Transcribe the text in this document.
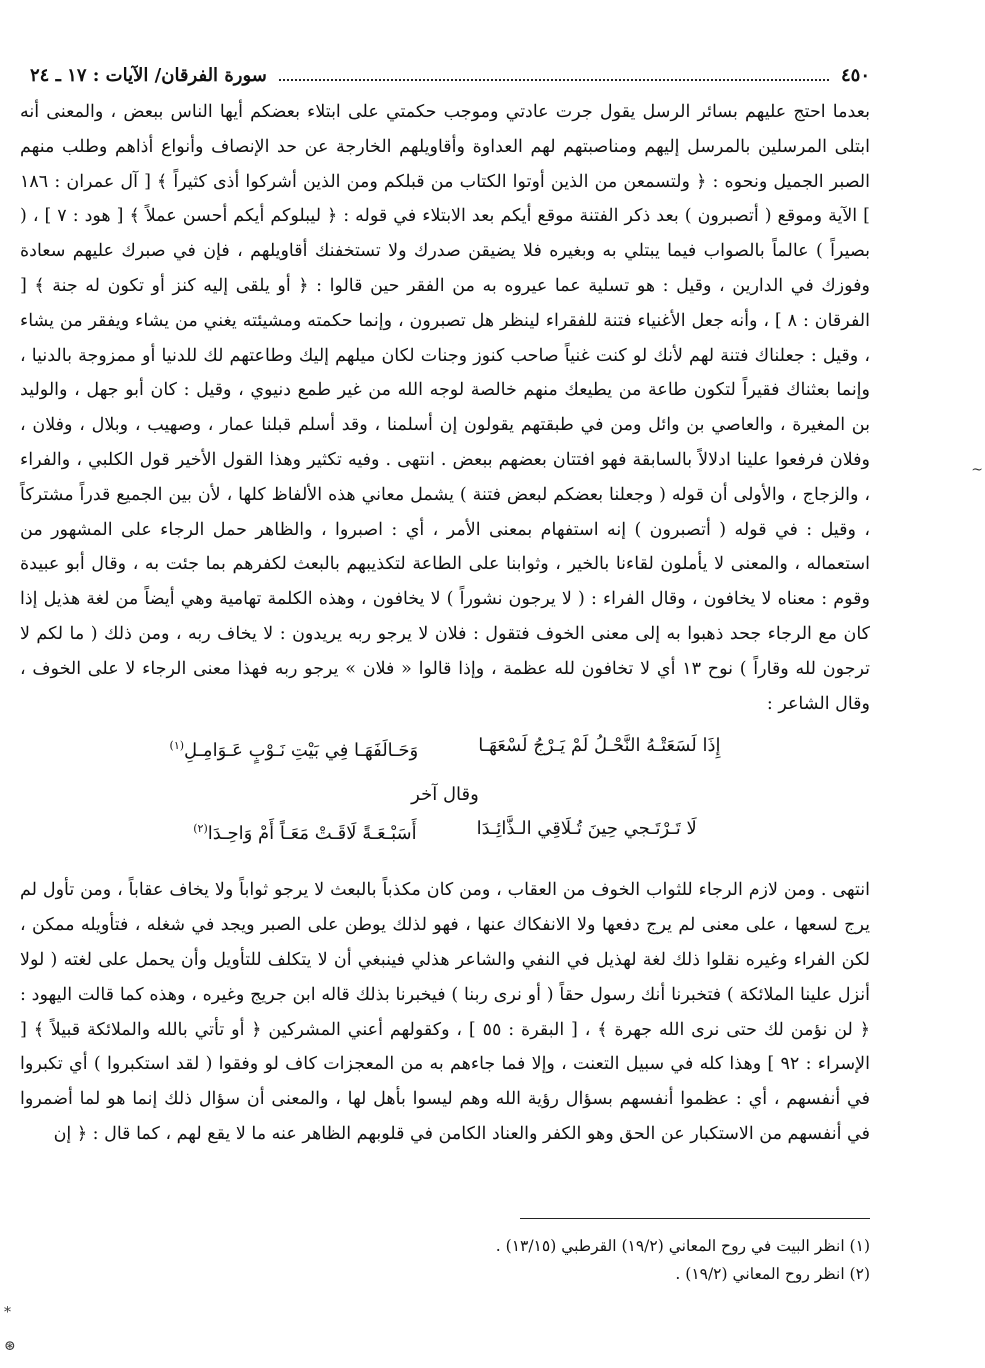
٤٥٠
سورة الفرقان/ الآيات : ١٧ ـ ٢٤

بعدما احتج عليهم بسائر الرسل يقول جرت عادتي وموجب حكمتي على ابتلاء بعضكم أيها الناس ببعض ، والمعنى أنه ابتلى المرسلين بالمرسل إليهم ومناصبتهم لهم العداوة وأقاويلهم الخارجة عن حد الإنصاف وأنواع أذاهم وطلب منهم الصبر الجميل ونحوه : ﴿ ولتسمعن من الذين أوتوا الكتاب من قبلكم ومن الذين أشركوا أذى كثيراً ﴾ [ آل عمران : ١٨٦ ] الآية وموقع ( أتصبرون ) بعد ذكر الفتنة موقع أيكم بعد الابتلاء في قوله : ﴿ ليبلوكم أيكم أحسن عملاً ﴾ [ هود : ٧ ] ، ( بصيراً ) عالماً بالصواب فيما يبتلي به وبغيره فلا يضيقن صدرك ولا تستخفنك أقاويلهم ، فإن في صبرك عليهم سعادة وفوزك في الدارين ، وقيل : هو تسلية عما عيروه به من الفقر حين قالوا : ﴿ أو يلقى إليه كنز أو تكون له جنة ﴾ [ الفرقان : ٨ ] ، وأنه جعل الأغنياء فتنة للفقراء لينظر هل تصبرون ، وإنما حكمته ومشيئته يغني من يشاء ويفقر من يشاء ، وقيل : جعلناك فتنة لهم لأنك لو كنت غنياً صاحب كنوز وجنات لكان ميلهم إليك وطاعتهم لك للدنيا أو ممزوجة بالدنيا ، وإنما بعثناك فقيراً لتكون طاعة من يطيعك منهم خالصة لوجه الله من غير طمع دنيوي ، وقيل : كان أبو جهل ، والوليد بن المغيرة ، والعاصي بن وائل ومن في طبقتهم يقولون إن أسلمنا ، وقد أسلم قبلنا عمار ، وصهيب ، وبلال ، وفلان ، وفلان فرفعوا علينا ادلالاً بالسابقة فهو افتتان بعضهم ببعض . انتهى . وفيه تكثير وهذا القول الأخير قول الكلبي ، والفراء ، والزجاج ، والأولى أن قوله ( وجعلنا بعضكم لبعض فتنة ) يشمل معاني هذه الألفاظ كلها ، لأن بين الجميع قدراً مشتركاً ، وقيل : في قوله ( أتصبرون ) إنه استفهام بمعنى الأمر ، أي : اصبروا ، والظاهر حمل الرجاء على المشهور من استعماله ، والمعنى لا يأملون لقاءنا بالخير ، وثوابنا على الطاعة لتكذيبهم بالبعث لكفرهم بما جئت به ، وقال أبو عبيدة وقوم : معناه لا يخافون ، وقال الفراء : ( لا يرجون نشوراً ) لا يخافون ، وهذه الكلمة تهامية وهي أيضاً من لغة هذيل إذا كان مع الرجاء جحد ذهبوا به إلى معنى الخوف فتقول : فلان لا يرجو ربه يريدون : لا يخاف ربه ، ومن ذلك ( ما لكم لا ترجون لله وقاراً ) نوح ١٣ أي لا تخافون لله عظمة ، وإذا قالوا « فلان » يرجو ربه فهذا معنى الرجاء لا على الخوف ، وقال الشاعر :

إِذَا لَسَعَتْـهُ النَّحْـلُ لَمْ يَـرْجُ لَسْعَهَـا
وَحَـالَفَهَـا فِي بَيْتِ نَـوْبٍ عَـوَامِـلِ$^{(١)}$
وقال آخر
لَا تَـرْتَـجي حِينَ تُـلَاقِي الـذَّائِـدَا
أَسَبْـعَـةً لَاقَـتْ مَعَـاً أَمْ وَاحِـدَا$^{(٢)}$

انتهى . ومن لازم الرجاء للثواب الخوف من العقاب ، ومن كان مكذباً بالبعث لا يرجو ثواباً ولا يخاف عقاباً ، ومن تأول لم يرج لسعها ، على معنى لم يرج دفعها ولا الانفكاك عنها ، فهو لذلك يوطن على الصبر ويجد في شغله ، فتأويله ممكن ، لكن الفراء وغيره نقلوا ذلك لغة لهذيل في النفي والشاعر هذلي فينبغي أن لا يتكلف للتأويل وأن يحمل على لغته ( لولا أنزل علينا الملائكة ) فتخبرنا أنك رسول حقاً ( أو نرى ربنا ) فيخبرنا بذلك قاله ابن جريج وغيره ، وهذه كما قالت اليهود : ﴿ لن نؤمن لك حتى نرى الله جهرة ﴾ ، [ البقرة : ٥٥ ] ، وكقولهم أعني المشركين ﴿ أو تأتي بالله والملائكة قبيلاً ﴾ [ الإسراء : ٩٢ ] وهذا كله في سبيل التعنت ، وإلا فما جاءهم به من المعجزات كاف لو وفقوا ( لقد استكبروا ) أي تكبروا في أنفسهم ، أي : عظموا أنفسهم بسؤال رؤية الله وهم ليسوا بأهل لها ، والمعنى أن سؤال ذلك إنما هو لما أضمروا في أنفسهم من الاستكبار عن الحق وهو الكفر والعناد الكامن في قلوبهم الظاهر عنه ما لا يقع لهم ، كما قال : ﴿ إن

(١) انظر البيت في روح المعاني (١٩/٢) القرطبي (١٣/١٥) .
(٢) انظر روح المعاني (١٩/٢) .
~
⁎
⊛
